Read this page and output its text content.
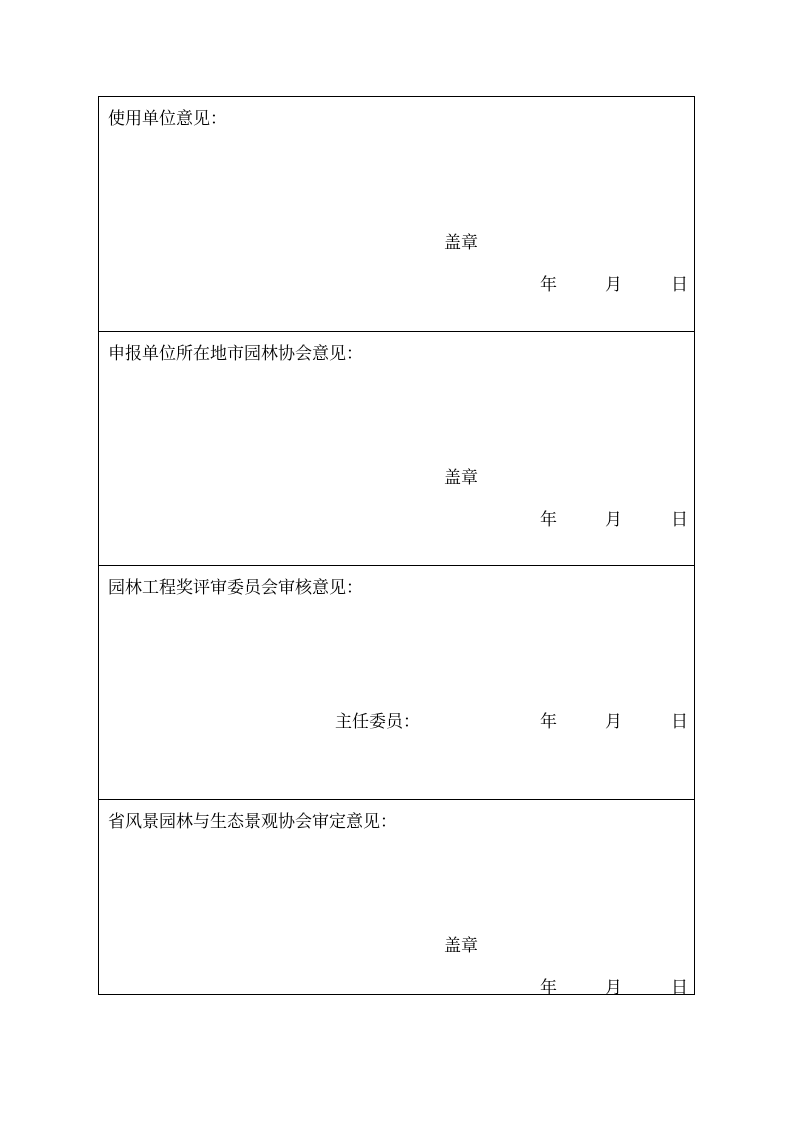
使用单位意见：
盖章
年	月	日
申报单位所在地市园林协会意见：
盖章
年	月	日
园林工程奖评审委员会审核意见：
主任委员：	年	月	日
省风景园林与生态景观协会审定意见：
盖章
年	月	日
